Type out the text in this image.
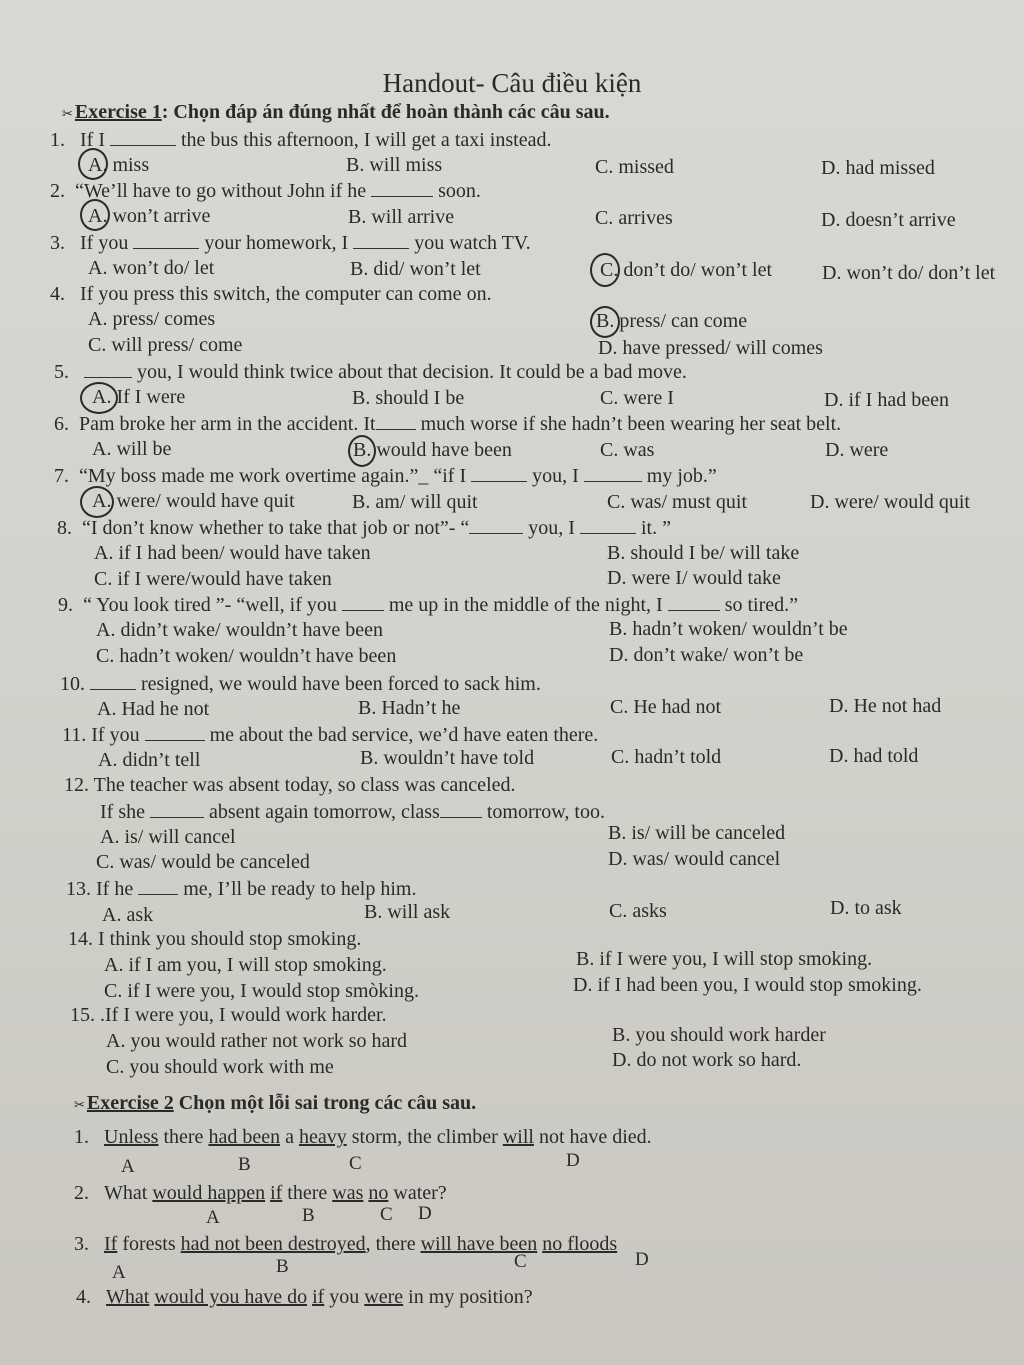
Handout- Câu điều kiện
✂ Exercise 1: Chọn đáp án đúng nhất để hoàn thành các câu sau.
1. If I	the bus this afternoon, I will get a taxi instead.
A. miss	B. will miss	C. missed	D. had missed
2. “We’ll have to go without John if he	soon.
A. won’t arrive	B. will arrive	C. arrives	D. doesn’t arrive
3. If you	your homework, I	you watch TV.
A. won’t do/ let	B. did/ won’t let	C. don’t do/ won’t let D. won’t do/ don’t let
4. If you press this switch, the computer can come on.
A. press/ comes	B. press/ can come
C. will press/ come	D. have pressed/ will comes
5.	you, I would think twice about that decision. It could be a bad move.
A. If I were	B. should I be	C. were I	D. if I had been
6. Pam broke her arm in the accident. It much worse if she hadn’t been wearing her seat belt.
A. will be	B. would have been	C. was	D. were
7. “My boss made me work overtime again.”_ “if I	you, I	my job.”
A. were/ would have quit	B. am/ will quit	C. was/ must quit	D. were/ would quit
8. “I don’t know whether to take that job or not”- “	you, I	it. ”
A. if I had been/ would have taken	B. should I be/ will take
C. if I were/would have taken	D. were I/ would take
9. “ You look tired ”- “well, if you	me up in the middle of the night, I	so tired.”
A. didn’t wake/ wouldn’t have been	B. hadn’t woken/ wouldn’t be
C. hadn’t woken/ wouldn’t have been	D. don’t wake/ won’t be
10.	resigned, we would have been forced to sack him.
A. Had he not	B. Hadn’t he	C. He had not	D. He not had
11. If you	me about the bad service, we’d have eaten there.
A. didn’t tell	B. wouldn’t have told	C. hadn’t told	D. had told
12. The teacher was absent today, so class was canceled.
If she	absent again tomorrow, class tomorrow, too.
A. is/ will cancel	B. is/ will be canceled
C. was/ would be canceled	D. was/ would cancel
13. If he	me, I’ll be ready to help him.
A. ask	B. will ask	C. asks	D. to ask
14. I think you should stop smoking.
A. if I am you, I will stop smoking.	B. if I were you, I will stop smoking.
C. if I were you, I would stop smòking.	D. if I had been you, I would stop smoking.
15. .If I were you, I would work harder.
A. you would rather not work so hard	B. you should work harder
C. you should work with me	D. do not work so hard.
✂ Exercise 2 Chọn một lỗi sai trong các câu sau.
1. Unless there had been a heavy storm, the climber will not have died.
A	B	C	D
2. What would happen if there was no water?
A	B	C D
3. If forests had not been destroyed, there will have been no floods
A	B	C	D
4. What would you have do if you were in my position?
